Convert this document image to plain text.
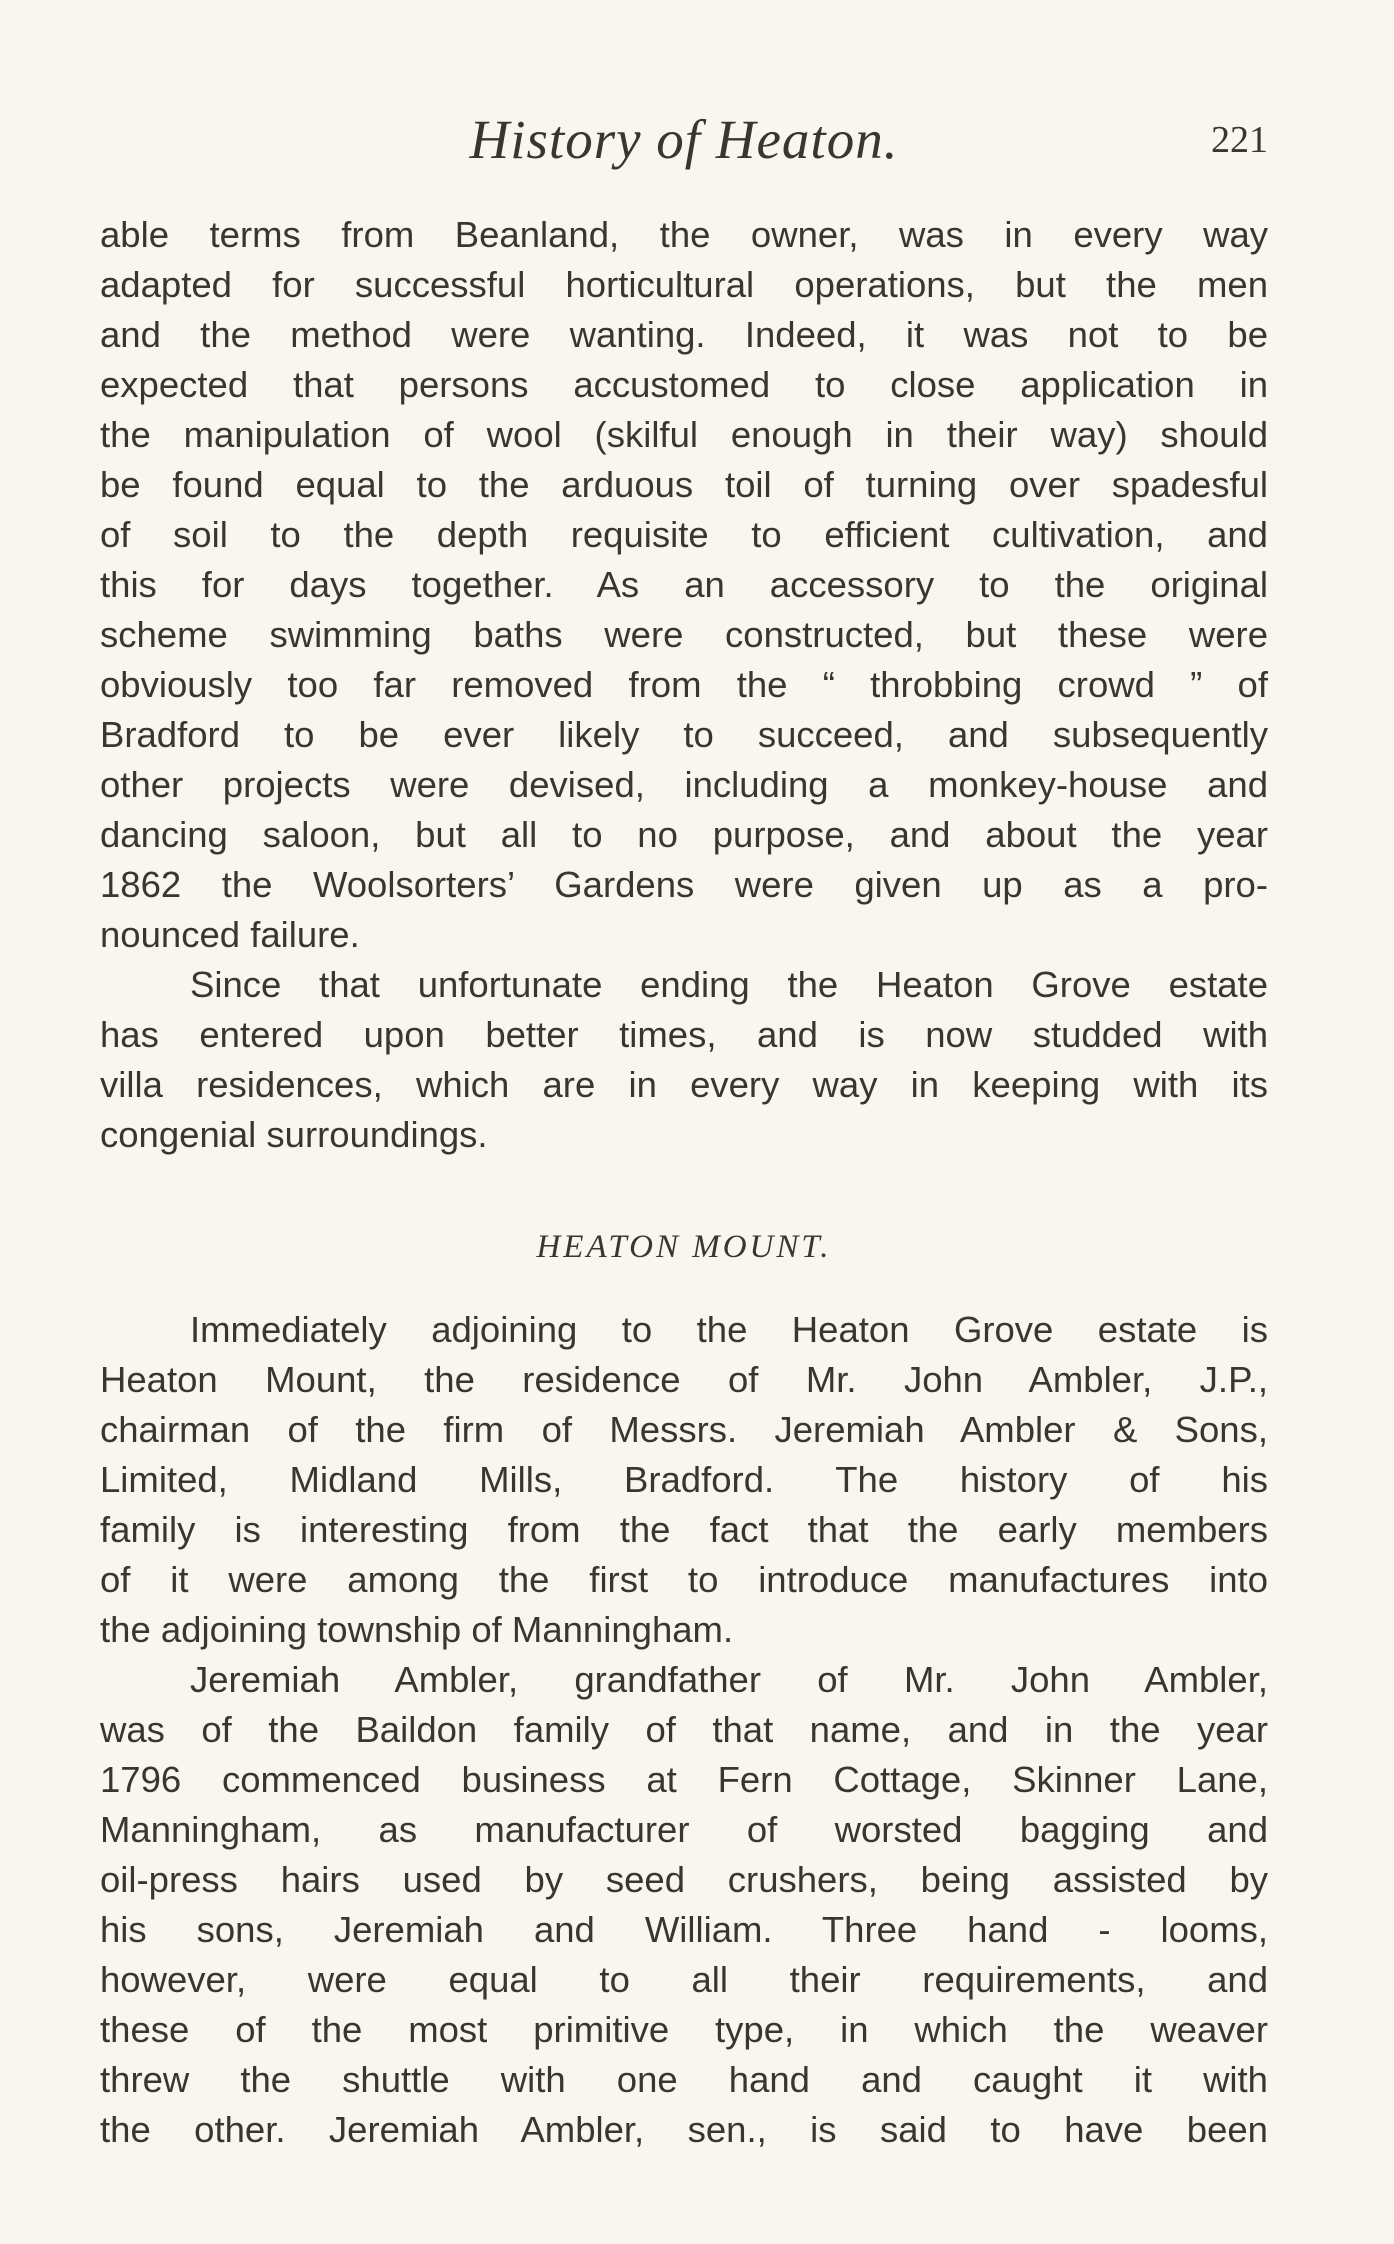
History of Heaton.	221
able terms from Beanland, the owner, was in every way
adapted for successful horticultural operations, but the men
and the method were wanting. Indeed, it was not to be
expected that persons accustomed to close application in
the manipulation of wool (skilful enough in their way) should
be found equal to the arduous toil of turning over spadesful
of soil to the depth requisite to efficient cultivation, and
this for days together. As an accessory to the original
scheme swimming baths were constructed, but these were
obviously too far removed from the “ throbbing crowd ” of
Bradford to be ever likely to succeed, and subsequently
other projects were devised, including a monkey-house and
dancing saloon, but all to no purpose, and about the year
1862 the Woolsorters’ Gardens were given up as a pro-
nounced failure.
Since that unfortunate ending the Heaton Grove estate
has entered upon better times, and is now studded with
villa residences, which are in every way in keeping with its
congenial surroundings.
HEATON MOUNT.
Immediately adjoining to the Heaton Grove estate is
Heaton Mount, the residence of Mr. John Ambler, J.P.,
chairman of the firm of Messrs. Jeremiah Ambler & Sons,
Limited, Midland Mills, Bradford. The history of his
family is interesting from the fact that the early members
of it were among the first to introduce manufactures into
the adjoining township of Manningham.
Jeremiah Ambler, grandfather of Mr. John Ambler,
was of the Baildon family of that name, and in the year
1796 commenced business at Fern Cottage, Skinner Lane,
Manningham, as manufacturer of worsted bagging and
oil-press hairs used by seed crushers, being assisted by
his sons, Jeremiah and William. Three hand - looms,
however, were equal to all their requirements, and
these of the most primitive type, in which the weaver
threw the shuttle with one hand and caught it with
the other. Jeremiah Ambler, sen., is said to have been
